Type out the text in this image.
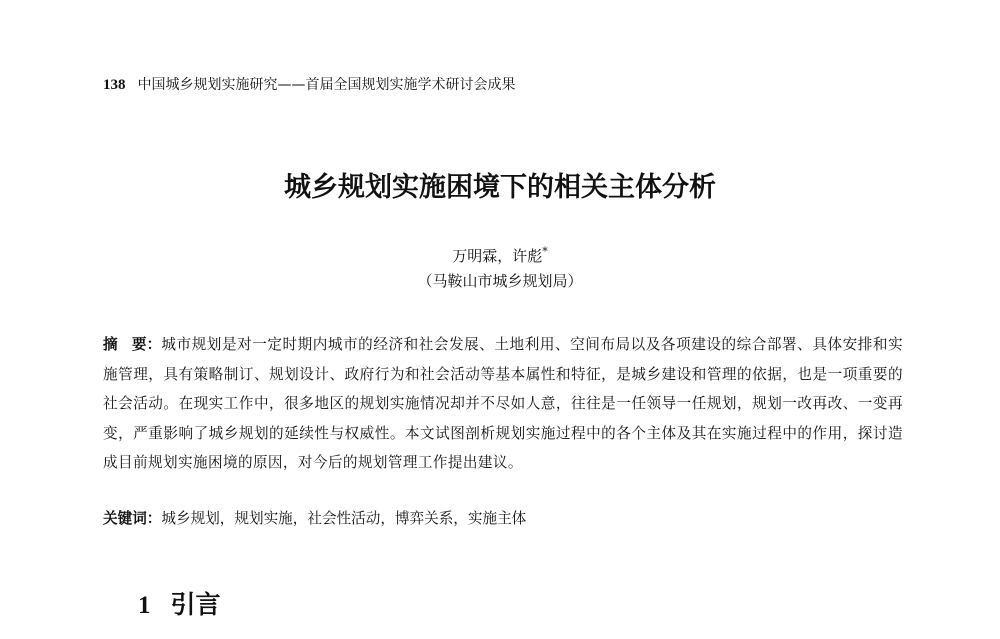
138 中国城乡规划实施研究——首届全国规划实施学术研讨会成果
城乡规划实施困境下的相关主体分析
万明霖，许彪*
（马鞍山市城乡规划局）
摘 要：城市规划是对一定时期内城市的经济和社会发展、土地利用、空间布局以及各项建设的综合部署、具体安排和实施管理，具有策略制订、规划设计、政府行为和社会活动等基本属性和特征，是城乡建设和管理的依据，也是一项重要的社会活动。在现实工作中，很多地区的规划实施情况却并不尽如人意，往往是一任领导一任规划，规划一改再改、一变再变，严重影响了城乡规划的延续性与权威性。本文试图剖析规划实施过程中的各个主体及其在实施过程中的作用，探讨造成目前规划实施困境的原因，对今后的规划管理工作提出建议。
关键词：城乡规划，规划实施，社会性活动，博弈关系，实施主体
1 引言
